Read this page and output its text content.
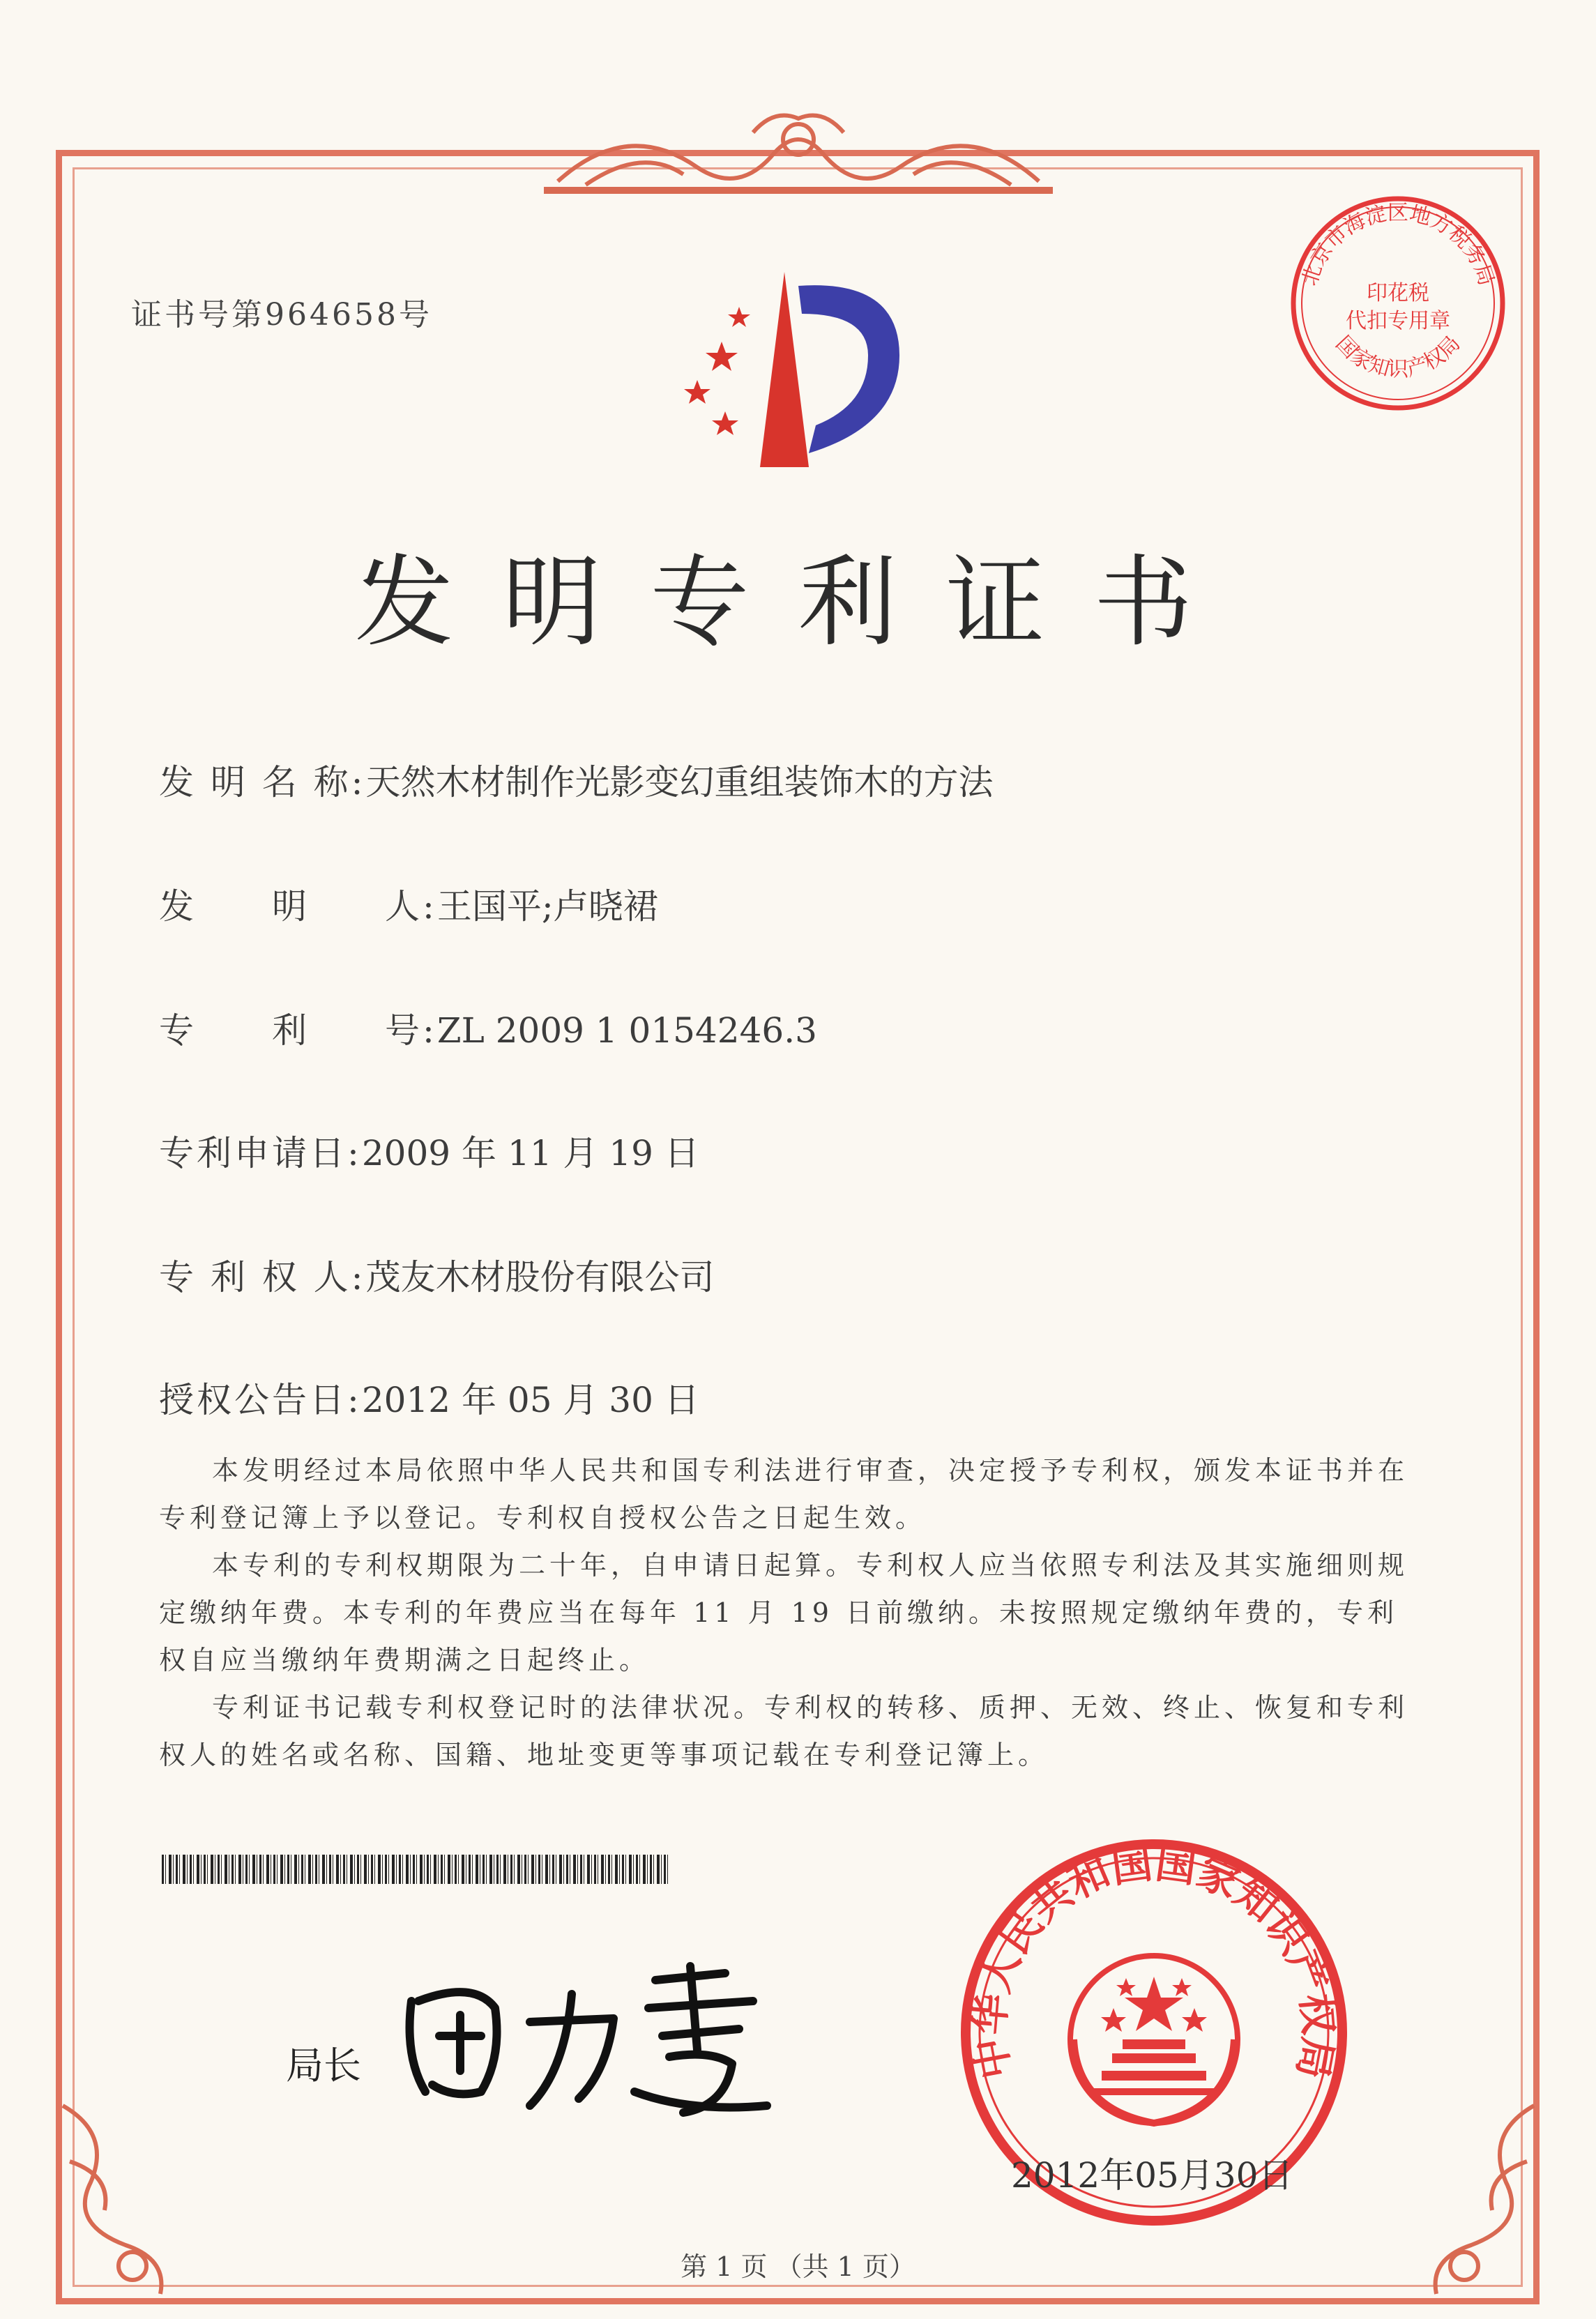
证书号第964658号
北京市海淀区地方税务局
印花税
代扣专用章
国家知识产权局
发明专利证书
发 明 名 称:天然木材制作光影变幻重组装饰木的方法
发　　明　　人:王国平;卢晓裙
专　　利　　号:ZL 2009 1 0154246.3
专利申请日:2009 年 11 月 19 日
专 利 权 人:茂友木材股份有限公司
授权公告日:2012 年 05 月 30 日

本发明经过本局依照中华人民共和国专利法进行审查，决定授予专利权，颁发本证书并在专利登记簿上予以登记。专利权自授权公告之日起生效。

本专利的专利权期限为二十年，自申请日起算。专利权人应当依照专利法及其实施细则规定缴纳年费。本专利的年费应当在每年 11 月 19 日前缴纳。未按照规定缴纳年费的，专利权自应当缴纳年费期满之日起终止。

专利证书记载专利权登记时的法律状况。专利权的转移、质押、无效、终止、恢复和专利权人的姓名或名称、国籍、地址变更等事项记载在专利登记簿上。

局长	中华人民共和国国家知识产权局
2012年05月30日
第 1 页 （共 1 页）
